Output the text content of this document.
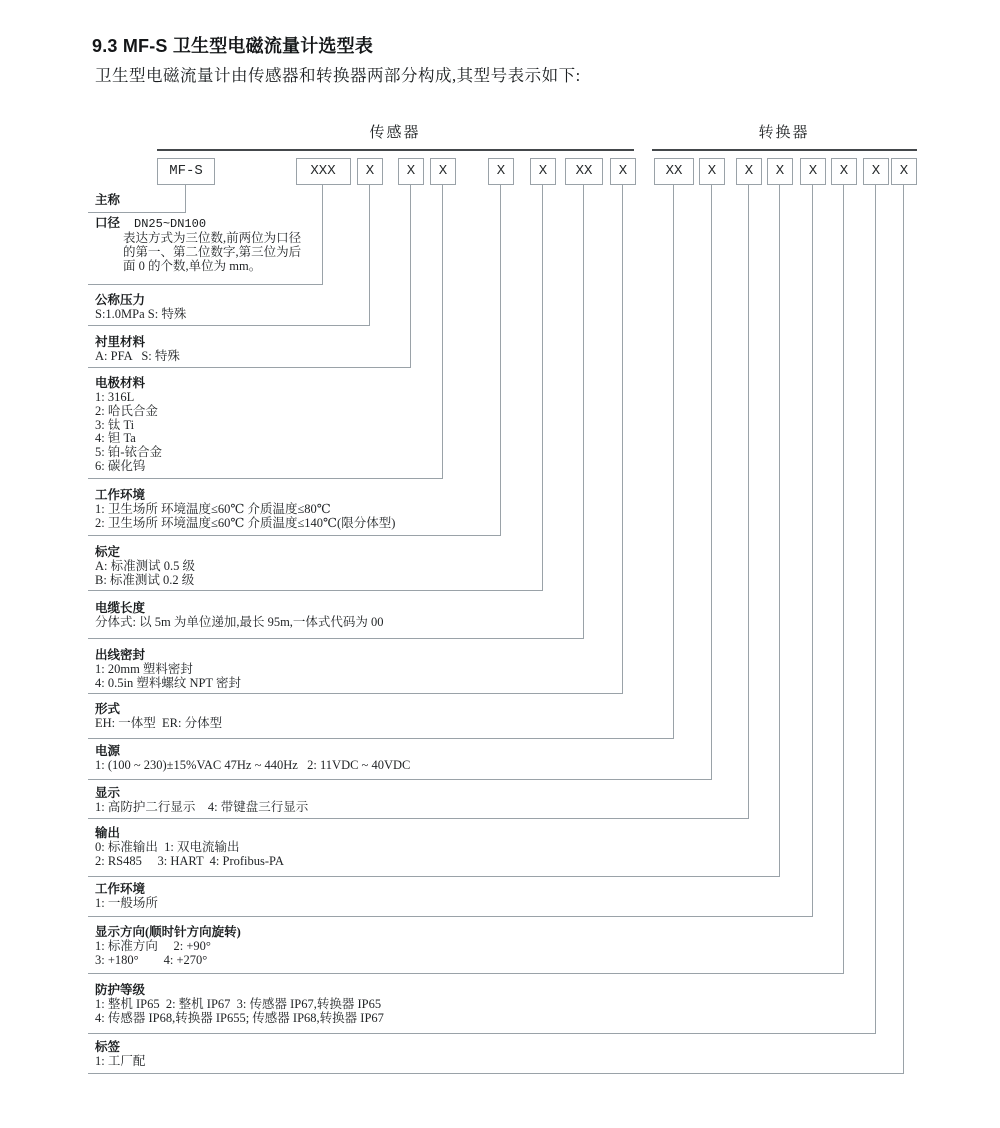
9.3 MF-S 卫生型电磁流量计选型表

卫生型电磁流量计由传感器和转换器两部分构成,其型号表示如下:

传感器	转换器
MF-S	XXX	X	X	X	X	X	XX	X	XX	X	X	X	X	X	X	X
主称
口径 DN25~DN100
表达方式为三位数,前两位为口径
的第一、第二位数字,第三位为后
面 0 的个数,单位为 mm。
公称压力
S:1.0MPa S: 特殊
衬里材料
A: PFA   S: 特殊
电极材料
1: 316L
2: 哈氏合金
3: 钛 Ti
4: 钽 Ta
5: 铂-铱合金
6: 碳化钨
工作环境
1: 卫生场所 环境温度≤60℃ 介质温度≤80℃
2: 卫生场所 环境温度≤60℃ 介质温度≤140℃(限分体型)
标定
A: 标准测试 0.5 级
B: 标准测试 0.2 级
电缆长度
分体式: 以 5m 为单位递加,最长 95m,一体式代码为 00
出线密封
1: 20mm 塑料密封
4: 0.5in 塑料螺纹 NPT 密封
形式
EH: 一体型  ER: 分体型
电源
1: (100 ~ 230)±15%VAC 47Hz ~ 440Hz   2: 11VDC ~ 40VDC
显示
1: 高防护二行显示    4: 带键盘三行显示
输出
0: 标准输出  1: 双电流输出
2: RS485     3: HART  4: Profibus-PA
工作环境
1: 一般场所
显示方向(顺时针方向旋转)
1: 标准方向     2: +90°
3: +180°        4: +270°
防护等级
1: 整机 IP65  2: 整机 IP67  3: 传感器 IP67,转换器 IP65
4: 传感器 IP68,转换器 IP655; 传感器 IP68,转换器 IP67
标签
1: 工厂配
